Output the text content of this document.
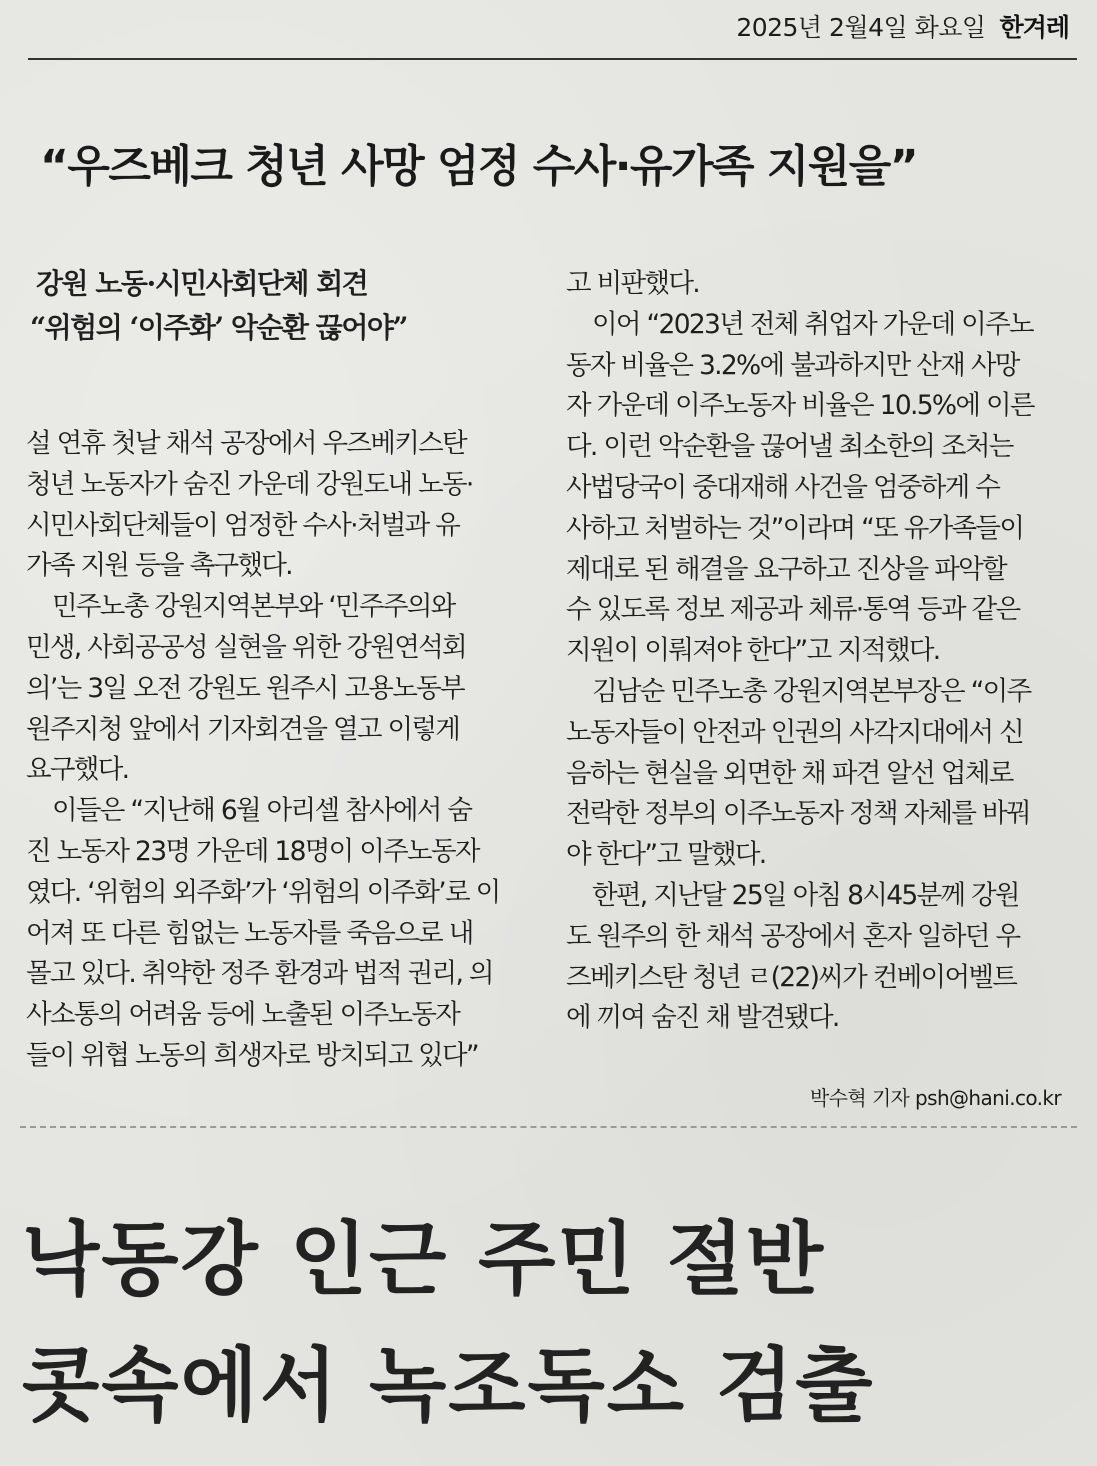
2025년 2월4일 화요일 한겨레
“우즈베크 청년 사망 엄정 수사·유가족 지원을”
강원 노동·시민사회단체 회견
“위험의 ‘이주화’ 악순환 끊어야”
설 연휴 첫날 채석 공장에서 우즈베키스탄
청년 노동자가 숨진 가운데 강원도내 노동·
시민사회단체들이 엄정한 수사·처벌과 유
가족 지원 등을 촉구했다.
민주노총 강원지역본부와 ‘민주주의와
민생, 사회공공성 실현을 위한 강원연석회
의’는 3일 오전 강원도 원주시 고용노동부
원주지청 앞에서 기자회견을 열고 이렇게
요구했다.
이들은 “지난해 6월 아리셀 참사에서 숨
진 노동자 23명 가운데 18명이 이주노동자
였다. ‘위험의 외주화’가 ‘위험의 이주화’로 이
어져 또 다른 힘없는 노동자를 죽음으로 내
몰고 있다. 취약한 정주 환경과 법적 권리, 의
사소통의 어려움 등에 노출된 이주노동자
들이 위협 노동의 희생자로 방치되고 있다”
고 비판했다.
이어 “2023년 전체 취업자 가운데 이주노
동자 비율은 3.2%에 불과하지만 산재 사망
자 가운데 이주노동자 비율은 10.5%에 이른
다. 이런 악순환을 끊어낼 최소한의 조처는
사법당국이 중대재해 사건을 엄중하게 수
사하고 처벌하는 것”이라며 “또 유가족들이
제대로 된 해결을 요구하고 진상을 파악할
수 있도록 정보 제공과 체류·통역 등과 같은
지원이 이뤄져야 한다”고 지적했다.
김남순 민주노총 강원지역본부장은 “이주
노동자들이 안전과 인권의 사각지대에서 신
음하는 현실을 외면한 채 파견 알선 업체로
전락한 정부의 이주노동자 정책 자체를 바꿔
야 한다”고 말했다.
한편, 지난달 25일 아침 8시45분께 강원
도 원주의 한 채석 공장에서 혼자 일하던 우
즈베키스탄 청년 ㄹ(22)씨가 컨베이어벨트
에 끼여 숨진 채 발견됐다.
박수혁 기자 psh@hani.co.kr
낙동강 인근 주민 절반
콧속에서 녹조독소 검출
